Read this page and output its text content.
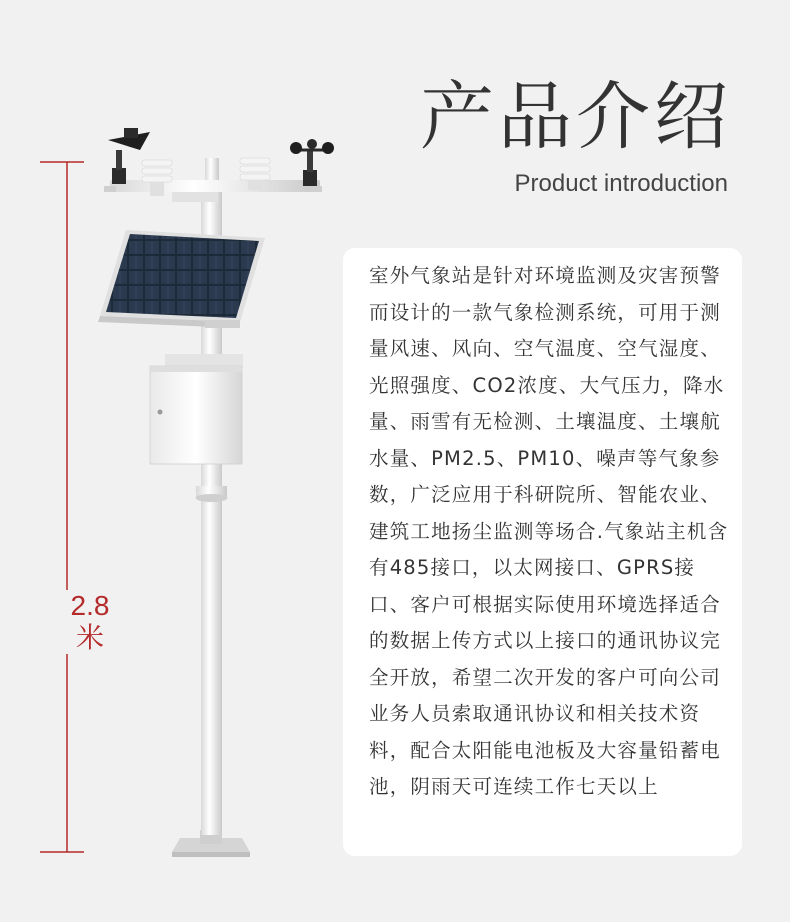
2.8
米
产品介绍
Product introduction
室外气象站是针对环境监测及灾害预警而设计的一款气象检测系统，可用于测量风速、风向、空气温度、空气湿度、光照强度、CO2浓度、大气压力，降水量、雨雪有无检测、土壤温度、土壤航水量、PM2.5、PM10、噪声等气象参数，广泛应用于科研院所、智能农业、建筑工地扬尘监测等场合.气象站主机含有485接口，以太网接口、GPRS接口、客户可根据实际使用环境选择适合的数据上传方式以上接口的通讯协议完全开放，希望二次开发的客户可向公司业务人员索取通讯协议和相关技术资料，配合太阳能电池板及大容量铅蓄电池，阴雨天可连续工作七天以上
